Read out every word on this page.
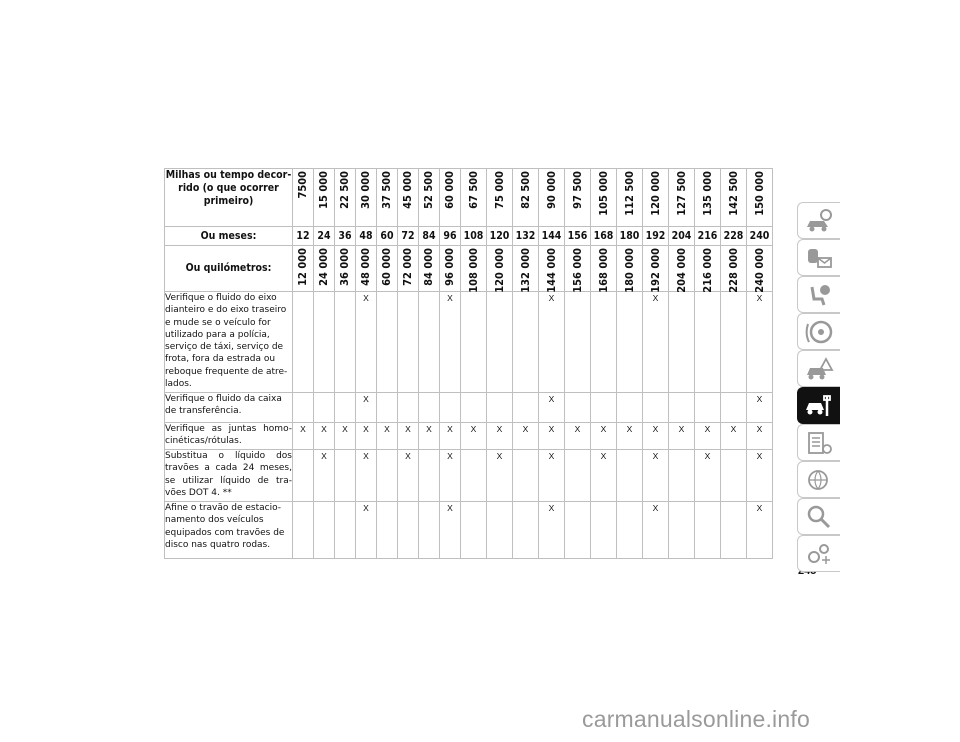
Milhas ou tempo decor-rido (o que ocorrer primeiro)	7500	15 000	22 500	30 000	37 500	45 000	52 500	60 000	67 500	75 000	82 500	90 000	97 500	105 000	112 500	120 000	127 500	135 000	142 500	150 000

Ou meses:	12	24	36	48	60	72	84	96	108	120	132	144	156	168	180	192	204	216	228	240
Ou quilómetros:	12 000	24 000	36 000	48 000	60 000	72 000	84 000	96 000	108 000	120 000	132 000	144 000	156 000	168 000	180 000	192 000	204 000	216 000	228 000	240 000

Verifique o fluido do eixo dianteiro e do eixo traseiro e mude se o veículo for utilizado para a polícia, serviço de táxi, serviço de frota, fora da estrada ou reboque frequente de atre-lados.				X				X				X				X				X
Verifique o fluido da caixa de transferência.				X								X								X
Verifique as juntas homo-cinéticas/rótulas.	X	X	X	X	X	X	X	X	X	X	X	X	X	X	X	X	X	X	X	X
Substitua o líquido dos travões a cada 24 meses, se utilizar líquido de tra-vões DOT 4. **		X		X		X		X		X		X		X		X		X		X
Afine o travão de estacio-namento dos veículos equipados com travões de disco nas quatro rodas.				X				X				X				X				X
carmanualsonline.info
